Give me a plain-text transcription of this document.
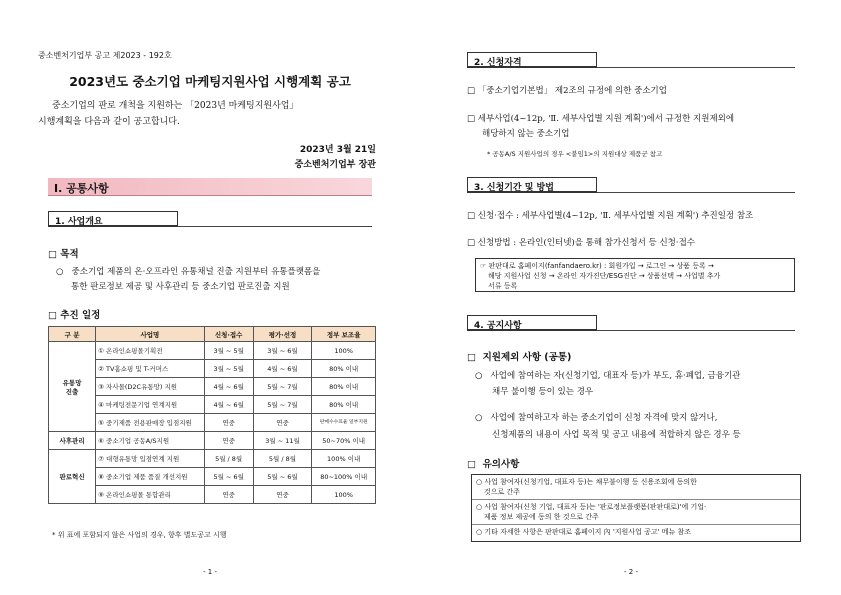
중소벤처기업부 공고 제2023 - 192호
2023년도 중소기업 마케팅지원사업 시행계획 공고
중소기업의 판로 개척을 지원하는 「2023년 마케팅지원사업」
시행계획을 다음과 같이 공고합니다.
2023년 3월 21일
중소벤처기업부 장관
Ⅰ. 공통사항
1. 사업개요
□ 목적
○ 중소기업 제품의 온·오프라인 유통채널 진출 지원부터 유통플랫폼을
통한 판로정보 제공 및 사후관리 등 중소기업 판로진출 지원
□ 추진 일정
구 분	사업명	신청·접수	평가·선정	정부 보조율
유통망
진출	① 온라인쇼핑몰기획전	3월 ~ 5월	3월 ~ 6월	100%
	② TV홈쇼핑 및 T-커머스	3월 ~ 5월	4월 ~ 6월	80% 이내
	③ 자사몰(D2C유통망) 지원	4월 ~ 6월	5월 ~ 7월	80% 이내
	④ 마케팅전문기업 연계지원	4월 ~ 6월	5월 ~ 7월	80% 이내
	⑤ 중기제품 전용판매장 입점지원	연중	연중	판매수수료율 일부지원
사후관리	⑥ 중소기업 공동A/S지원	연중	3월 ~ 11월	50~70% 이내
판로혁신	⑦ 대형유통망 입점연계 지원	5월 / 8월	5월 / 8월	100% 이내
	⑧ 중소기업 제품 품질 개선지원	5월 ~ 6월	5월 ~ 6월	80~100% 이내
	⑨ 온라인쇼핑몰 통합관리	연중	연중	100%
* 위 표에 포함되지 않은 사업의 경우, 향후 별도공고 시행
- 1 -
2. 신청자격
□ 「중소기업기본법」 제2조의 규정에 의한 중소기업
□ 세부사업(4~12p, 'Ⅱ. 세부사업별 지원 계획')에서 규정한 지원제외에
해당하지 않는 중소기업
* 공동A/S 지원사업의 경우 <붙임1>의 지원대상 제품군 참고
3. 신청기간 및 방법
□ 신청·접수 : 세부사업별(4~12p, 'Ⅱ. 세부사업별 지원 계획') 추진일정 참조
□ 신청방법 : 온라인(인터넷)을 통해 참가신청서 등 신청·접수
☞ 판판대로 홈페이지(fanfandaero.kr) : 회원가입 → 로그인 → 상품 등록 →
해당 지원사업 신청 → 온라인 자가진단/ESG진단 → 상품선택 → 사업별 추가
서류 등록
4. 공지사항
□ 지원제외 사항 (공통)
○ 사업에 참여하는 자(신청기업, 대표자 등)가 부도, 휴·폐업, 금융기관
채무 불이행 등이 있는 경우
○ 사업에 참여하고자 하는 중소기업이 신청 자격에 맞지 않거나,
신청제품의 내용이 사업 목적 및 공고 내용에 적합하지 않은 경우 등
□ 유의사항
○ 사업 참여자(신청기업, 대표자 등)는 채무불이행 등 신용조회에 동의한
것으로 간주
○ 사업 참여자(신청 기업, 대표자 등)는 '판로정보플랫폼(판판대로)'에 기업·
제품 정보 제공에 동의 한 것으로 간주
○ 기타 자세한 사항은 판판대로 홈페이지 內 '지원사업 공고' 메뉴 참조
- 2 -
